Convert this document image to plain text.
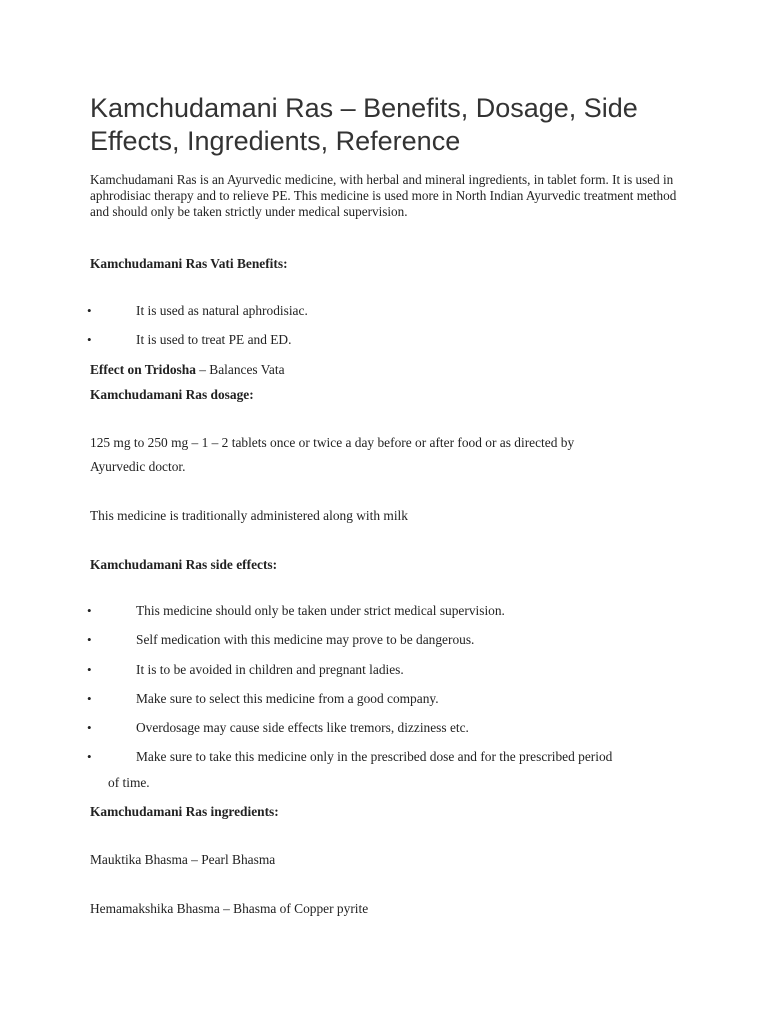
Kamchudamani Ras – Benefits, Dosage, Side Effects, Ingredients, Reference

Kamchudamani Ras is an Ayurvedic medicine, with herbal and mineral ingredients, in tablet form. It is used in aphrodisiac therapy and to relieve PE. This medicine is used more in North Indian Ayurvedic treatment method and should only be taken strictly under medical supervision.

Kamchudamani Ras Vati Benefits:
•	It is used as natural aphrodisiac.
•	It is used to treat PE and ED.
Effect on Tridosha – Balances Vata
Kamchudamani Ras dosage:
125 mg to 250 mg – 1 – 2 tablets once or twice a day before or after food or as directed by
Ayurvedic doctor.
This medicine is traditionally administered along with milk
Kamchudamani Ras side effects:
•	This medicine should only be taken under strict medical supervision.
•	Self medication with this medicine may prove to be dangerous.
•	It is to be avoided in children and pregnant ladies.
•	Make sure to select this medicine from a good company.
•	Overdosage may cause side effects like tremors, dizziness etc.
•	Make sure to take this medicine only in the prescribed dose and for the prescribed period
of time.
Kamchudamani Ras ingredients:
Mauktika Bhasma – Pearl Bhasma
Hemamakshika Bhasma – Bhasma of Copper pyrite
